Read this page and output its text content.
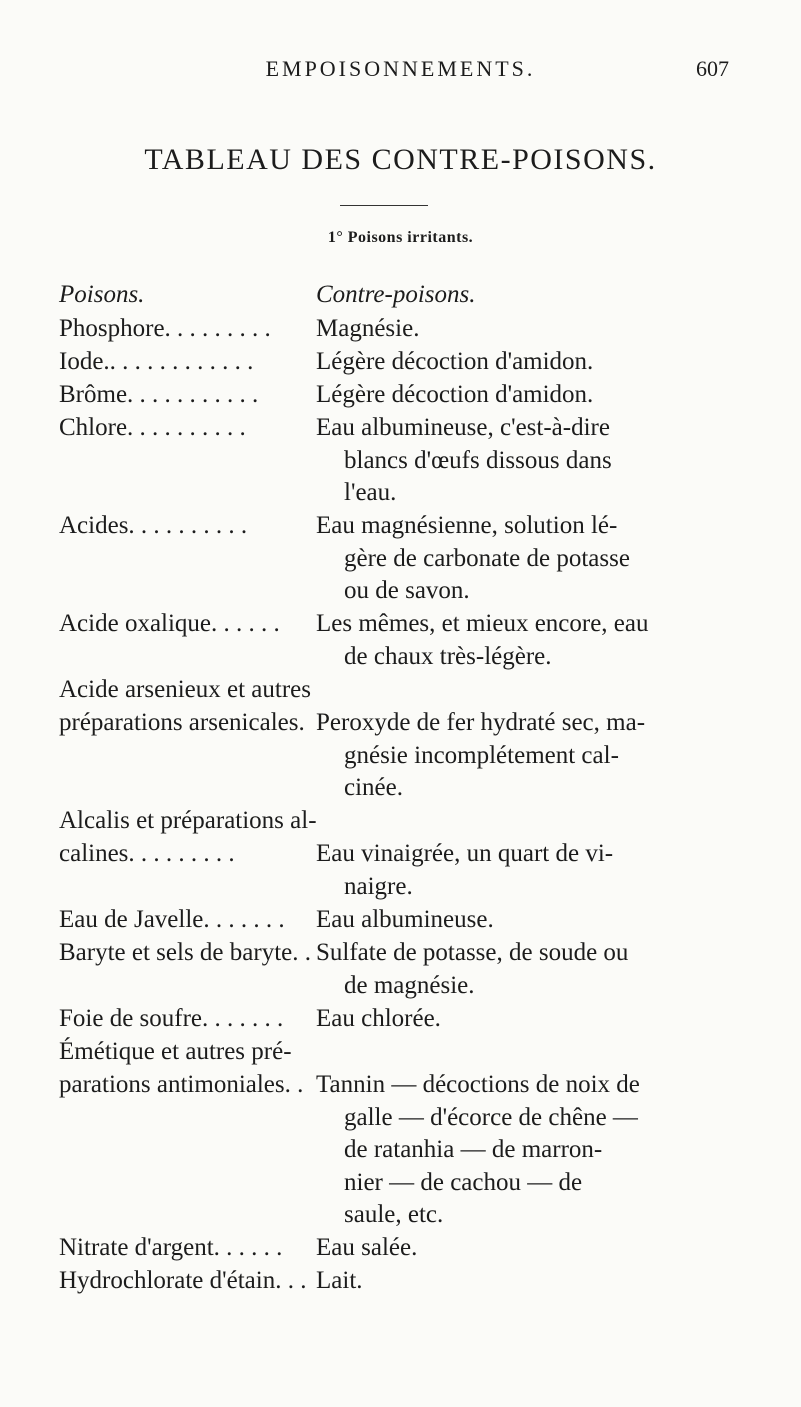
EMPOISONNEMENTS.	607
TABLEAU DES CONTRE-POISONS.
1° Poisons irritants.
Poisons.	Contre-poisons.
Phosphore. . . . . . . . .
Iode.. . . . . . . . . . . .
Brôme. . . . . . . . . . .
Chlore. . . . . . . . . .
Acides. . . . . . . . . .
Acide oxalique. . . . . .
Acide arsenieux et autres
préparations arsenicales.
Alcalis et préparations al-
calines. . . . . . . . .
Eau de Javelle. . . . . . .
Baryte et sels de baryte. .
Foie de soufre. . . . . . .
Émétique et autres pré-
parations antimoniales. .
Nitrate d'argent. . . . . .
Hydrochlorate d'étain. . .
Magnésie.
Légère décoction d'amidon.
Légère décoction d'amidon.
Eau albumineuse, c'est-à-dire
blancs d'œufs dissous dans
l'eau.
Eau magnésienne, solution lé-
gère de carbonate de potasse
ou de savon.
Les mêmes, et mieux encore, eau
de chaux très-légère.
Peroxyde de fer hydraté sec, ma-
gnésie incomplétement cal-
cinée.
Eau vinaigrée, un quart de vi-
naigre.
Eau albumineuse.
Sulfate de potasse, de soude ou
de magnésie.
Eau chlorée.
Tannin — décoctions de noix de
galle — d'écorce de chêne —
de ratanhia — de marron-
nier — de cachou — de
saule, etc.
Eau salée.
Lait.
